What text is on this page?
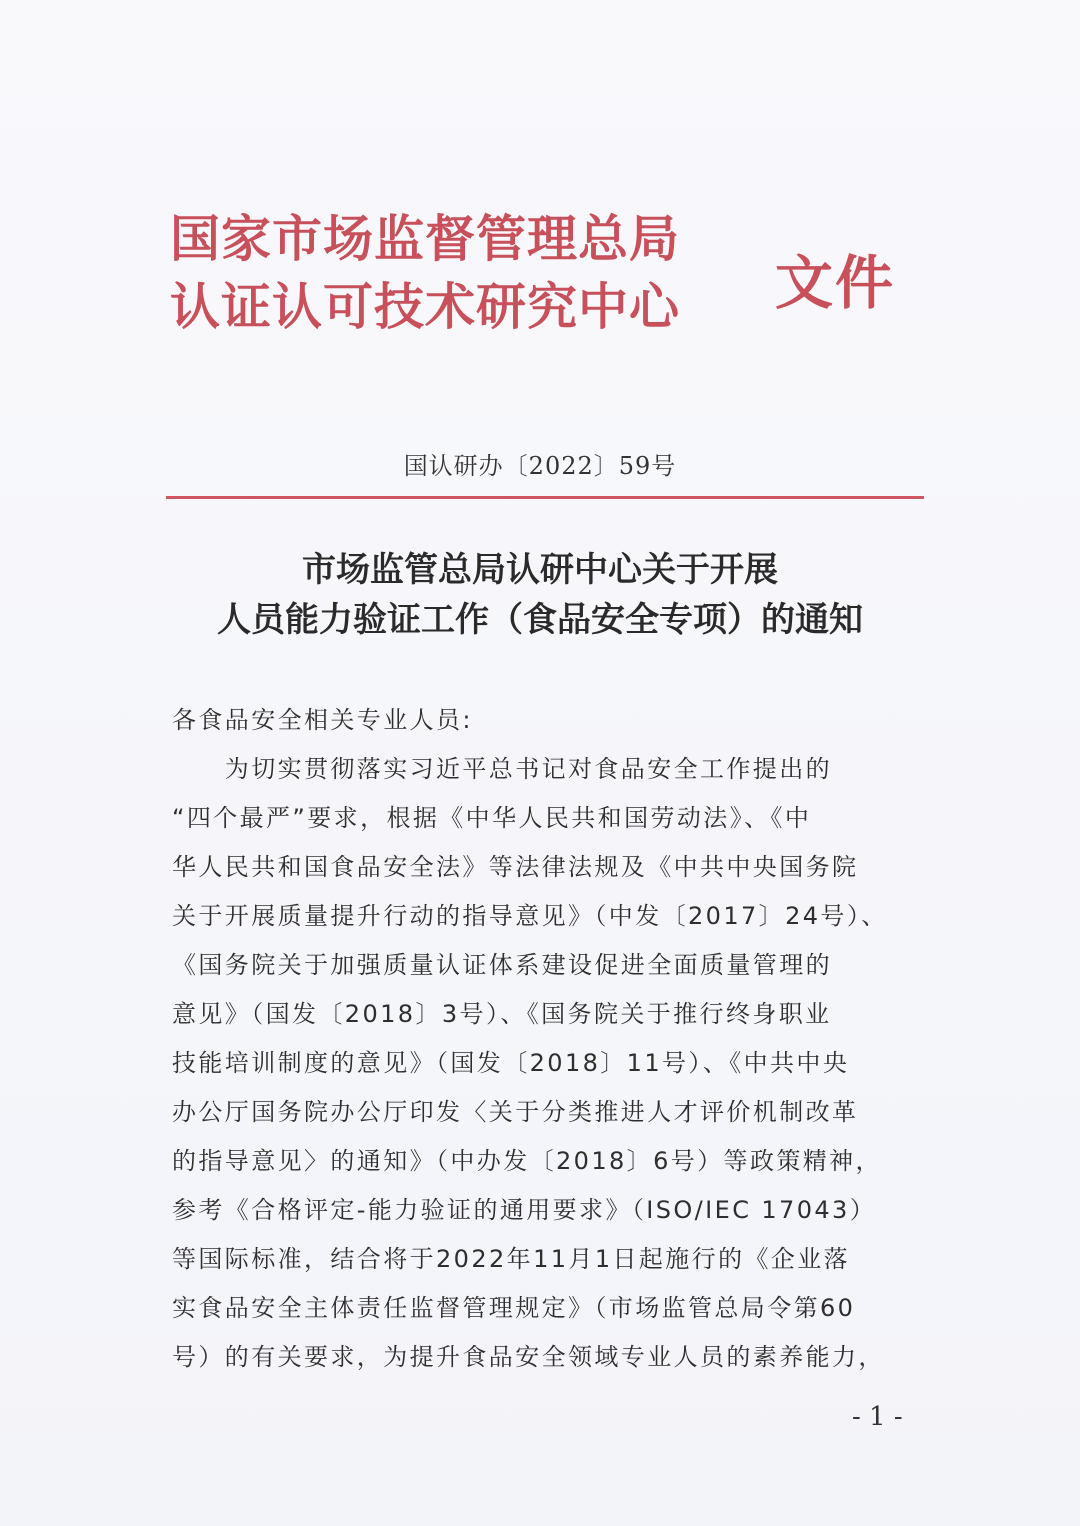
国家市场监督管理总局
认证认可技术研究中心 文件
国认研办〔2022〕59号
市场监管总局认研中心关于开展
人员能力验证工作（食品安全专项）的通知
各食品安全相关专业人员:
　　为切实贯彻落实习近平总书记对食品安全工作提出的
“四个最严”要求，根据《中华人民共和国劳动法》、《中
华人民共和国食品安全法》等法律法规及《中共中央国务院
关于开展质量提升行动的指导意见》（中发〔2017〕24号）、
《国务院关于加强质量认证体系建设促进全面质量管理的
意见》（国发〔2018〕3号）、《国务院关于推行终身职业
技能培训制度的意见》（国发〔2018〕11号）、《中共中央
办公厅国务院办公厅印发〈关于分类推进人才评价机制改革
的指导意见〉的通知》（中办发〔2018〕6号）等政策精神，
参考《合格评定-能力验证的通用要求》（ISO/IEC 17043）
等国际标准，结合将于2022年11月1日起施行的《企业落
实食品安全主体责任监督管理规定》（市场监管总局令第60
号）的有关要求，为提升食品安全领域专业人员的素养能力，
- 1 -
